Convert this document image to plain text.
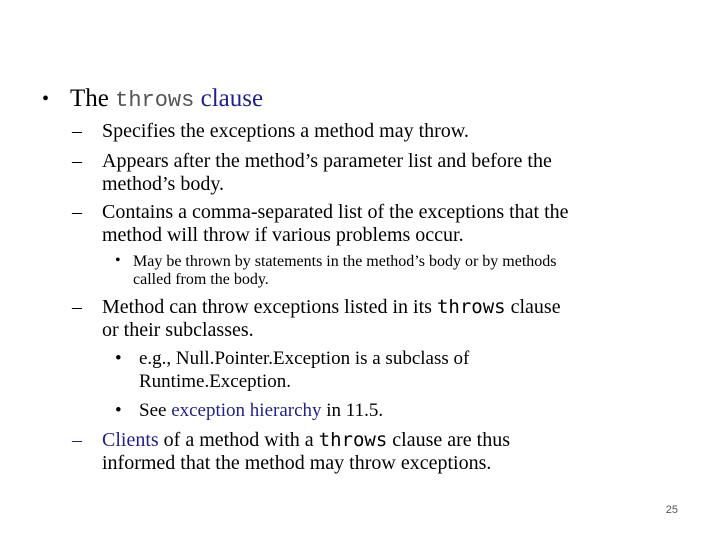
• The throws clause
– Specifies the exceptions a method may throw.
– Appears after the method’s parameter list and before the
method’s body.
– Contains a comma-separated list of the exceptions that the
method will throw if various problems occur.
• May be thrown by statements in the method’s body or by methods
called from the body.
– Method can throw exceptions listed in its throws clause
or their subclasses.
• e.g., Null.Pointer.Exception is a subclass of
Runtime.Exception.
• See exception hierarchy in 11.5.
– Clients of a method with a throws clause are thus
informed that the method may throw exceptions.
25
